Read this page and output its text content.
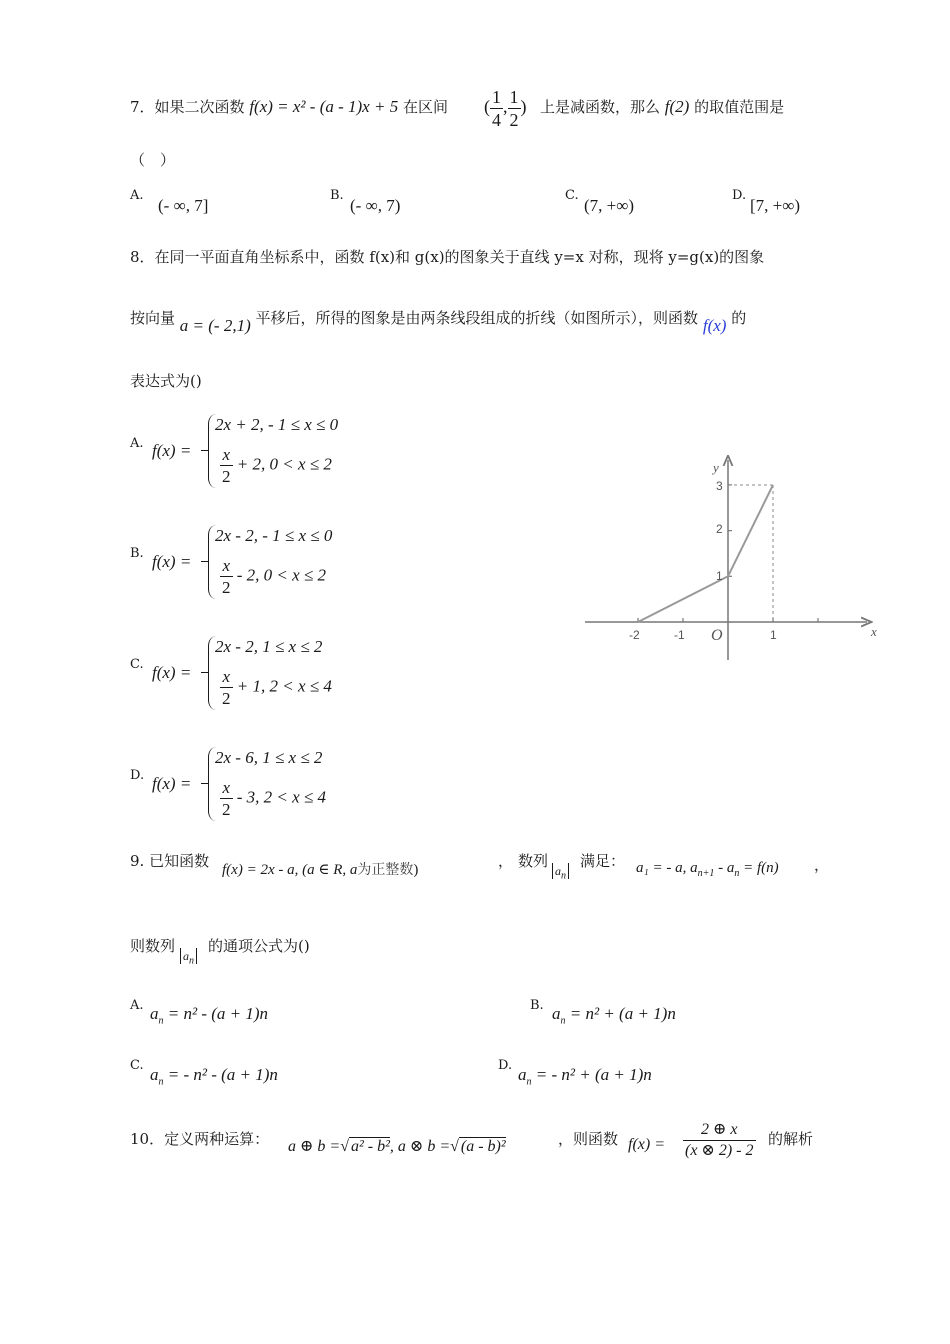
7．如果二次函数 f(x) = x² - (a - 1)x + 5 在区间 ( $\frac{1}{4}$ , $\frac{1}{2}$ ) 上是减函数，那么 f(2) 的取值范围是
（　）
A.
(- ∞, 7]
B.
(- ∞, 7)
C.
(7, +∞)
D.
[7, +∞)
8．在同一平面直角坐标系中，函数 f(x)和 g(x)的图象关于直线 y=x 对称，现将 y=g(x)的图象
按向量 a = (- 2,1) 平移后，所得的图象是由两条线段组成的折线（如图所示），则函数 f(x) 的
表达式为()
A. f(x) =
2x + 2, - 1 ≤ x ≤ 0
$\frac{x}{2} + 2$, 0 < x ≤ 2
B. f(x) =
2x - 2, - 1 ≤ x ≤ 0
$\frac{x}{2} - 2$, 0 < x ≤ 2
C. f(x) =
2x - 2, 1 ≤ x ≤ 2
$\frac{x}{2} + 1$, 2 < x ≤ 4
D. f(x) =
2x - 6, 1 ≤ x ≤ 2
$\frac{x}{2} - 3$, 2 < x ≤ 4
y
x
O
-2	-1	1
1
2
3
9. 已知函数 f(x) = 2x - a, (a ∈ R, a为正整数)	， 数列
$a_n$
满足： a₁ = - a, $a_{n+1} - a_n = f(n)$ ，
则数列
$a_n$
的通项公式为()
A. $a_n = n^2 - (a + 1)n$	B. $a_n = n^2 + (a + 1)n$
C. $a_n$ = - n² - (a + 1)n	D. $a_n$ = - n² + (a + 1)n
10．定义两种运算： a ⊕ b =√ a² - b², a ⊗ b =√ (a - b)²	，则函数 $f(x) = \frac{2 \oplus x}{(x \otimes 2) - 2}$ 的解析
